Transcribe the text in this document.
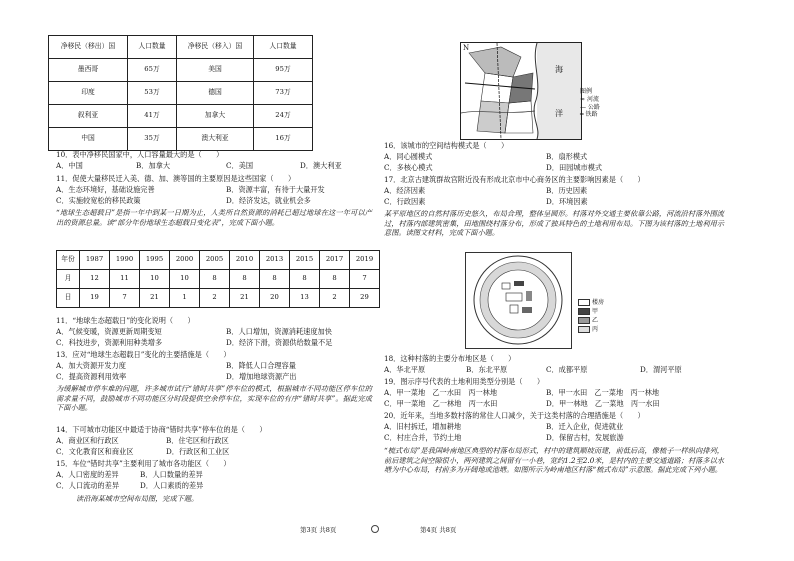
净移民（移出）国	人口数量	净移民（移入）国	人口数量
墨西哥	65万	美国	95万
印度	53万	德国	73万
叙利亚	41万	加拿大	24万
中国	35万	澳大利亚	16万
10．表中净移民国家中，人口容量最大的是（　　）
A．中国	B．加拿大	C．美国	D．澳大利亚
11．促使大量移民迁入美、德、加、澳等国的主要原因是这些国家（　　）
A．生态环境好，基础设施完善	B．资源丰富，有待于大量开发
C．实施较宽松的移民政策	D．经济发达，就业机会多
“地球生态超载日”是指一年中到某一日期为止，人类所自然资源的消耗已超过地球在这一年可以产出的资源总量。读“部分年份地球生态超载日变化表”，完成下面小题。
年份	1987	1990	1995	2000	2005	2010	2013	2015	2017	2019
月	12	11	10	10	8	8	8	8	8	7
日	19	7	21	1	2	21	20	13	2	29
11．“地球生态超载日”的变化说明（　　）
A．气候变暖，资源更新周期变短	B．人口增加，资源消耗速度加快
C．科技进步，资源利用种类增多	D．经济下滑，资源供给数量不足
13．应对“地球生态超载日”变化的主要措施是（　　）
A．加大资源开发力度	B．降低人口合理容量
C．提高资源利用效率	D．增加地球资源产出
为缓解城市停车难的问题，许多城市试行“错时共享”停车位的模式，根据城市不同功能区停车位的需求量不同，鼓励城市不同功能区分时段提供空余停车位，实现车位的有序“错时共享”。据此完成下面小题。
14．下可城市功能区中最适于协商“错时共享”停车位的是（　　）
A．商业区和行政区	B．住宅区和行政区
C．文化教育区和商业区	D．行政区和工业区
15．车位“错时共享”主要利用了城市各功能区（　　）
A．人口密度的差异	B．人口数量的差异
C．人口流动的差异	D．人口素质的差异
读沿海某城市空间布局图，完成下题。
N
海
洋
图例
≈ 河流
— 公路
═ 铁路
16．该城市的空间结构模式是（　　）
A．同心圆模式	B．扇形模式
C．多核心模式	D．田园城市模式
17．北京古建筑群故宫附近没有形成北京市中心商务区的主要影响因素是（　　）
A．经济因素	B．历史因素
C．行政因素	D．环境因素
某平原地区的自然村落历史悠久，布局合理，整体呈圆形。村落对外交通主要依靠公路，河流沿村落外围流过，村落内部建筑密集，田地围绕村落分布，形成了独具特色的土地利用布局。下图为该村落的土地利用示意图。读图文材料，完成下面小题。
楼房
甲
乙
丙
18．这种村落的主要分布地区是（　　）
A．华北平原	B．东北平原	C．成都平原	D．渭河平原
19．图示序号代表的土地利用类型分别是（　　）
A．甲一菜地　乙一水田　丙一林地	B．甲一水田　乙一菜地　丙一林地
C．甲一菜地　乙一林地　丙一水田	D．甲一林地　乙一菜地　丙一水田
20．近年来，当地多数村落的常住人口减少，关于这类村落的合理措施是（　　）
A．旧村拆迁，增加耕地	B．迁入企业，促进就业
C．村庄合并，节约土地	D．保留古村，发展旅游
“梳式布局”是我国岭南地区典型的村落布局形式，村中的建筑顺坡而建，前低后高，像梳子一样纵向排列，前后建筑之间空隙很小，两列建筑之间留有一小巷，宽约1.2至2.0米，是村内的主要交通道路；村落多以水塘为中心布局，村前多为开阔地或池塘。如图所示为岭南地区村落“梳式布局”示意图。据此完成下列小题。
第3页 共8页	第4页 共8页
